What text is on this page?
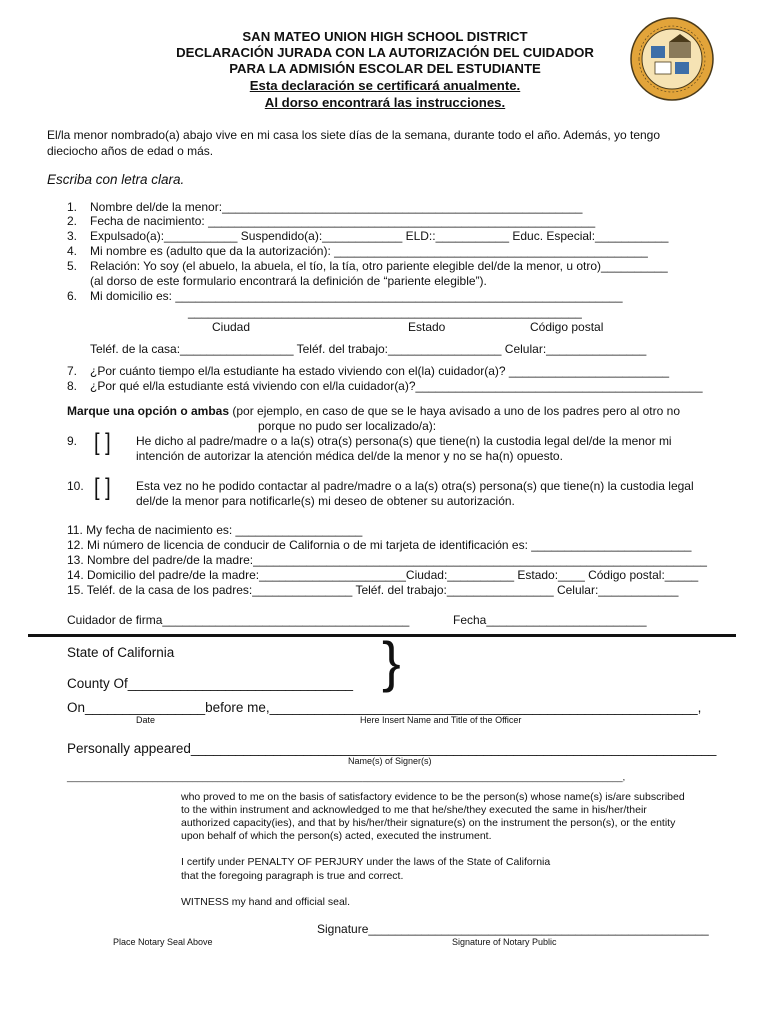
SAN MATEO UNION HIGH SCHOOL DISTRICT
DECLARACIÓN JURADA CON LA AUTORIZACIÓN DEL CUIDADOR
PARA LA ADMISIÓN ESCOLAR DEL ESTUDIANTE
Esta declaración se certificará anualmente.
Al dorso encontrará las instrucciones.
El/la menor nombrado(a) abajo vive en mi casa los siete días de la semana, durante todo el año. Además, yo tengo
dieciocho años de edad o más.
Escriba con letra clara.
1. Nombre del/de la menor:______________________________________________________
2. Fecha de nacimiento: __________________________________________________________
3. Expulsado(a):___________ Suspendido(a):____________ ELD::___________ Educ. Especial:___________
4. Mi nombre es (adulto que da la autorización): _______________________________________________
5. Relación: Yo soy (el abuelo, la abuela, el tío, la tía, otro pariente elegible del/de la menor, u otro)__________
(al dorso de este formulario encontrará la definición de “pariente elegible”).
6. Mi domicilio es: ___________________________________________________________________
___________________________________________________________
Ciudad	Estado	Código postal
Teléf. de la casa:_________________ Teléf. del trabajo:_________________ Celular:_______________
7. ¿Por cuánto tiempo el/la estudiante ha estado viviendo con el(la) cuidador(a)? ________________________
8. ¿Por qué el/la estudiante está viviendo con el/la cuidador(a)?___________________________________________
Marque una opción o ambas (por ejemplo, en caso de que se le haya avisado a uno de los padres pero al otro no
porque no pudo ser localizado/a):
9. [ ] He dicho al padre/madre o a la(s) otra(s) persona(s) que tiene(n) la custodia legal del/de la menor mi
intención de autorizar la atención médica del/de la menor y no se ha(n) opuesto.
10. [ ] Esta vez no he podido contactar al padre/madre o a la(s) otra(s) persona(s) que tiene(n) la custodia legal
del/de la menor para notificarle(s) mi deseo de obtener su autorización.
11. My fecha de nacimiento es: ___________________
12. Mi número de licencia de conducir de California o de mi tarjeta de identificación es: ________________________
13. Nombre del padre/de la madre:____________________________________________________________________
14. Domicilio del padre/de la madre:______________________Ciudad:__________ Estado:____ Código postal:_____
15. Teléf. de la casa de los padres:_______________ Teléf. del trabajo:________________ Celular:____________
Cuidador de firma_____________________________________	Fecha________________________
State of California
County Of______________________________ }
On________________before me,_________________________________________________________,
Date	Here Insert Name and Title of the Officer
Personally appeared______________________________________________________________________
Name(s) of Signer(s)
_______________________________________________________________________________________________________________,
who proved to me on the basis of satisfactory evidence to be the person(s) whose name(s) is/are subscribed
to the within instrument and acknowledged to me that he/she/they executed the same in his/her/their
authorized capacity(ies), and that by his/her/their signature(s) on the instrument the person(s), or the entity
upon behalf of which the person(s) acted, executed the instrument.
I certify under PENALTY OF PERJURY under the laws of the State of California
that the foregoing paragraph is true and correct.
WITNESS my hand and official seal.
Signature___________________________________________________
Place Notary Seal Above	Signature of Notary Public
